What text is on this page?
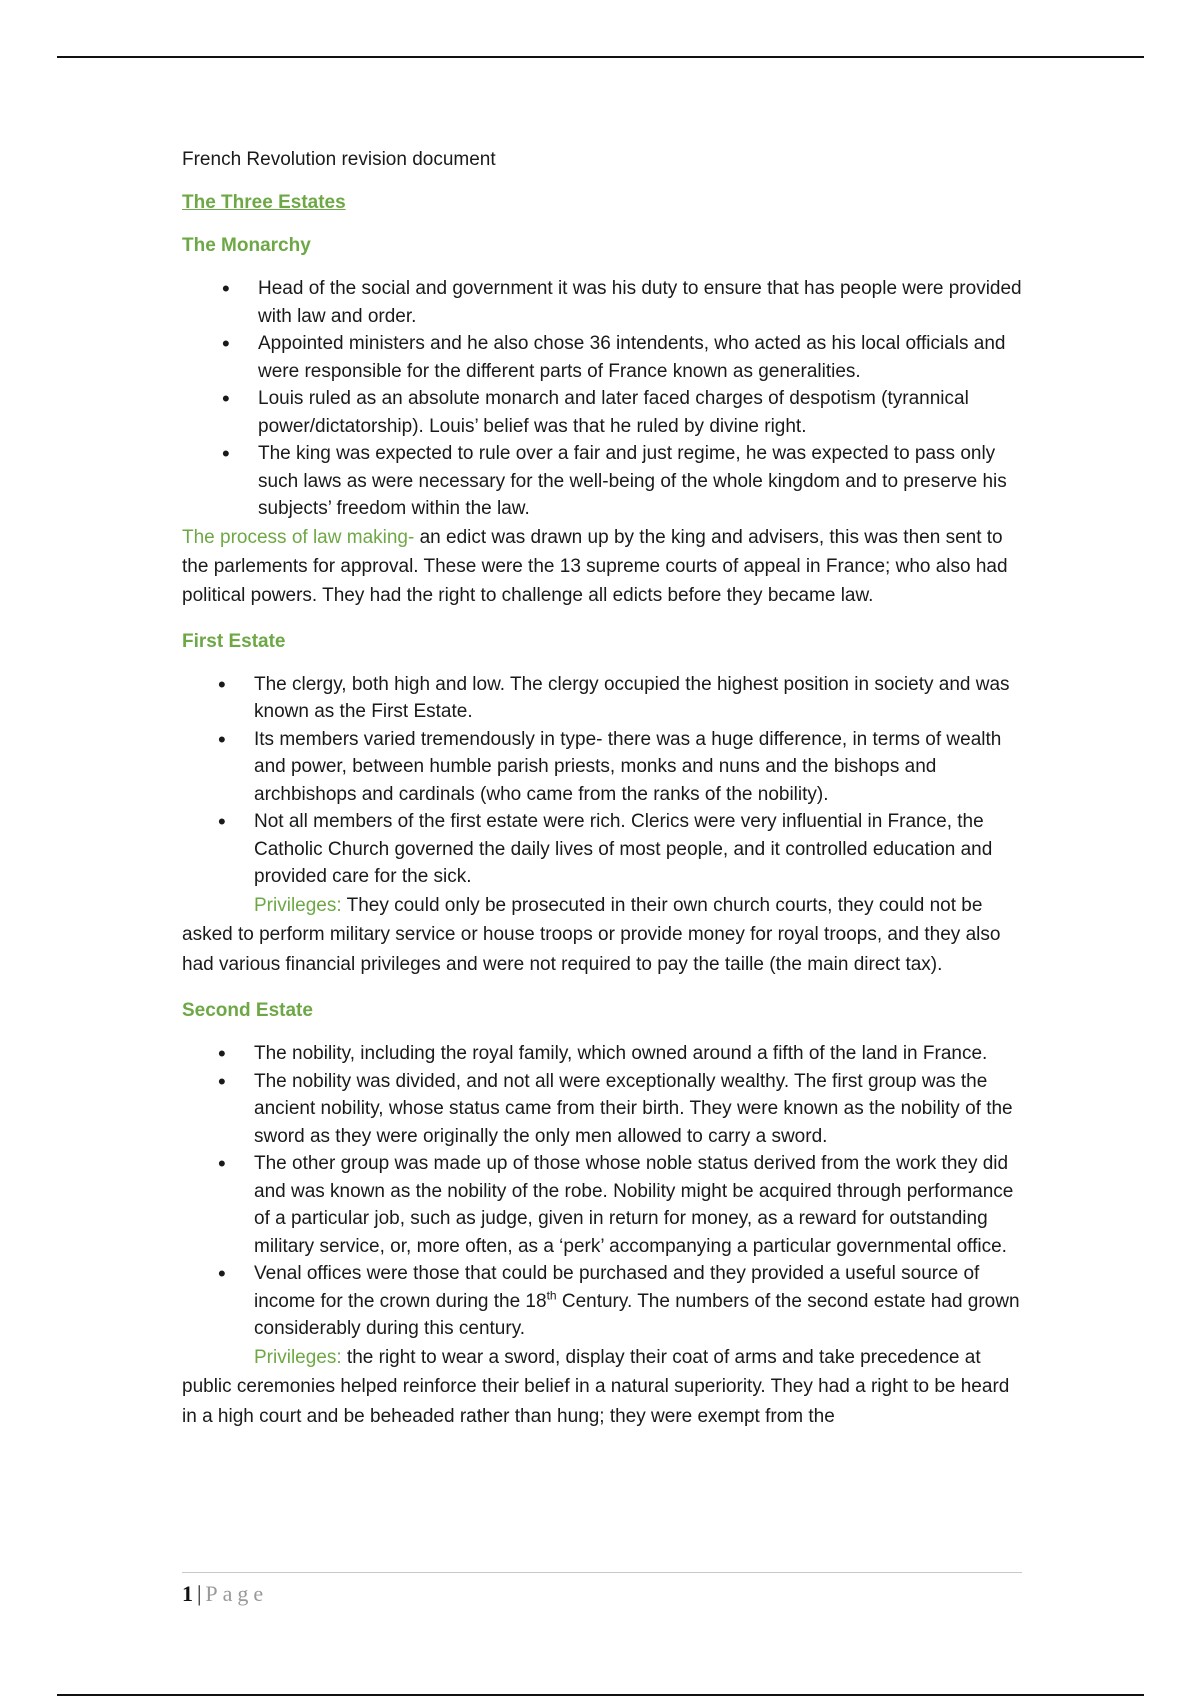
French Revolution revision document
The Three Estates
The Monarchy
• Head of the social and government it was his duty to ensure that has people were provided with law and order.
• Appointed ministers and he also chose 36 intendents, who acted as his local officials and were responsible for the different parts of France known as generalities.
• Louis ruled as an absolute monarch and later faced charges of despotism (tyrannical power/dictatorship). Louis’ belief was that he ruled by divine right.
• The king was expected to rule over a fair and just regime, he was expected to pass only such laws as were necessary for the well-being of the whole kingdom and to preserve his subjects’ freedom within the law.

The process of law making- an edict was drawn up by the king and advisers, this was then sent to the parlements for approval. These were the 13 supreme courts of appeal in France; who also had political powers. They had the right to challenge all edicts before they became law.

First Estate
• The clergy, both high and low. The clergy occupied the highest position in society and was known as the First Estate.
• Its members varied tremendously in type- there was a huge difference, in terms of wealth and power, between humble parish priests, monks and nuns and the bishops and archbishops and cardinals (who came from the ranks of the nobility).
• Not all members of the first estate were rich. Clerics were very influential in France, the Catholic Church governed the daily lives of most people, and it controlled education and provided care for the sick.

Privileges: They could only be prosecuted in their own church courts, they could not be asked to perform military service or house troops or provide money for royal troops, and they also had various financial privileges and were not required to pay the taille (the main direct tax).

Second Estate
• The nobility, including the royal family, which owned around a fifth of the land in France.
• The nobility was divided, and not all were exceptionally wealthy. The first group was the ancient nobility, whose status came from their birth. They were known as the nobility of the sword as they were originally the only men allowed to carry a sword.
• The other group was made up of those whose noble status derived from the work they did and was known as the nobility of the robe. Nobility might be acquired through performance of a particular job, such as judge, given in return for money, as a reward for outstanding military service, or, more often, as a ‘perk’ accompanying a particular governmental office.
• Venal offices were those that could be purchased and they provided a useful source of income for the crown during the 18th Century. The numbers of the second estate had grown considerably during this century.

Privileges: the right to wear a sword, display their coat of arms and take precedence at public ceremonies helped reinforce their belief in a natural superiority. They had a right to be heard in a high court and be beheaded rather than hung; they were exempt from the

1 | Page
